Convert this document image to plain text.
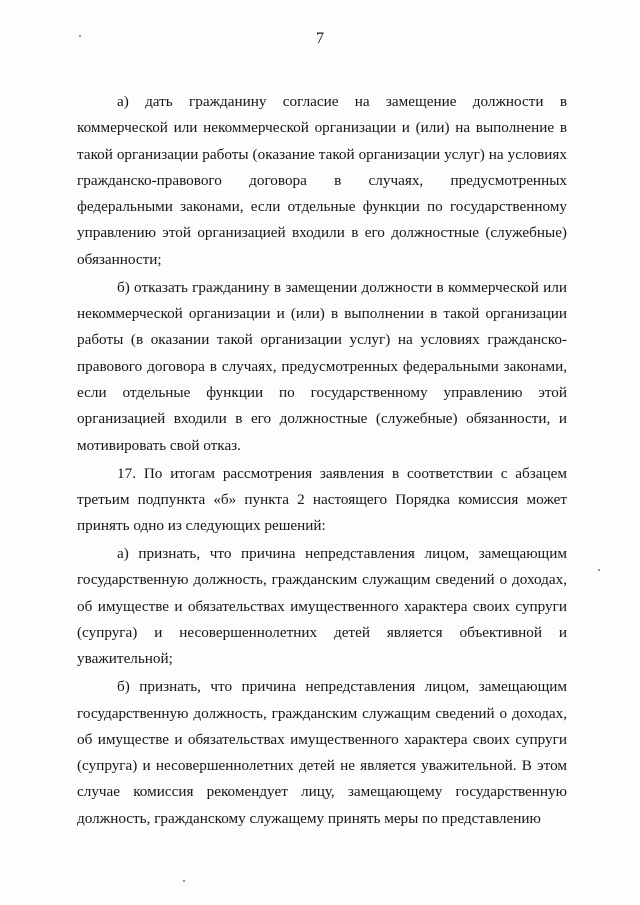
7

а) дать гражданину согласие на замещение должности в коммерческой или некоммерческой организации и (или) на выполнение в такой организации работы (оказание такой организации услуг) на условиях гражданско-правового договора в случаях, предусмотренных федеральными законами, если отдельные функции по государственному управлению этой организацией входили в его должностные (служебные) обязанности;

б) отказать гражданину в замещении должности в коммерческой или некоммерческой организации и (или) в выполнении в такой организации работы (в оказании такой организации услуг) на условиях гражданско-правового договора в случаях, предусмотренных федеральными законами, если отдельные функции по государственному управлению этой организацией входили в его должностные (служебные) обязанности, и мотивировать свой отказ.

17. По итогам рассмотрения заявления в соответствии с абзацем третьим подпункта «б» пункта 2 настоящего Порядка комиссия может принять одно из следующих решений:

а) признать, что причина непредставления лицом, замещающим государственную должность, гражданским служащим сведений о доходах, об имуществе и обязательствах имущественного характера своих супруги (супруга) и несовершеннолетних детей является объективной и уважительной;

б) признать, что причина непредставления лицом, замещающим государственную должность, гражданским служащим сведений о доходах, об имуществе и обязательствах имущественного характера своих супруги (супруга) и несовершеннолетних детей не является уважительной. В этом случае комиссия рекомендует лицу, замещающему государственную должность, гражданскому служащему принять меры по представлению
